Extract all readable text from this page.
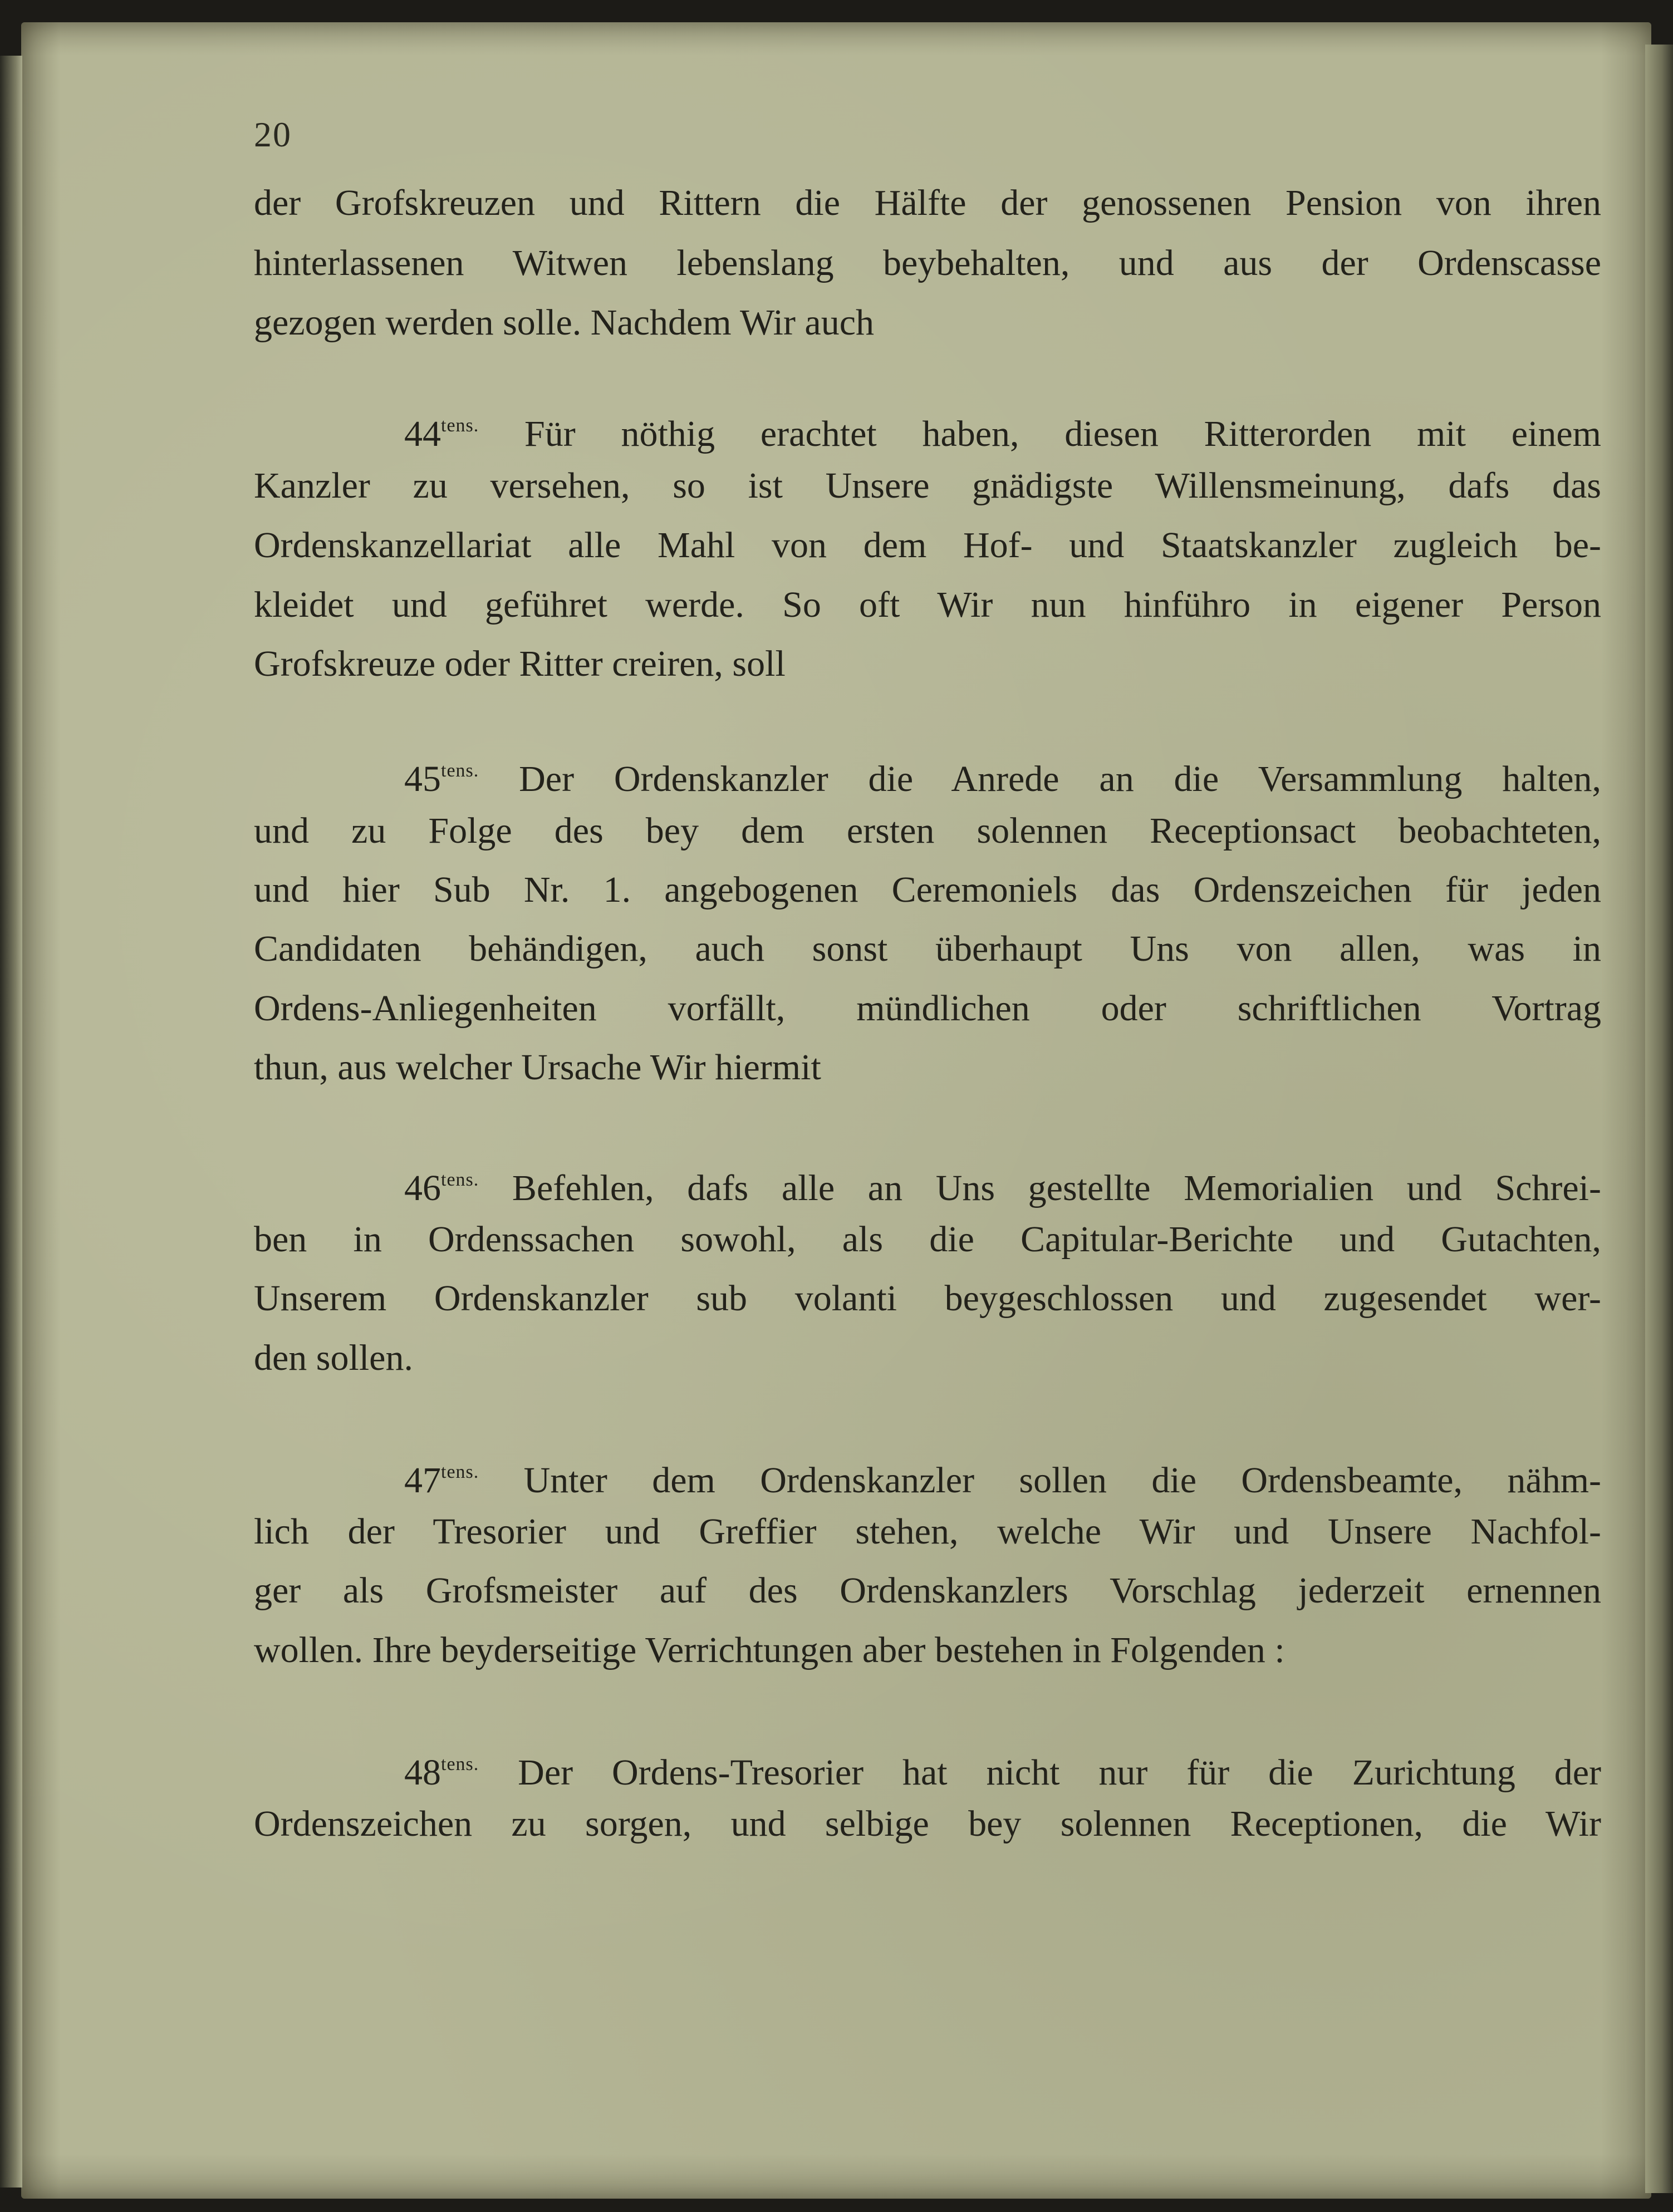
20
der Grofskreuzen und Rittern die Hälfte der genossenen Pension von ihren
hinterlassenen Witwen lebenslang beybehalten, und aus der Ordenscasse
gezogen werden solle. Nachdem Wir auch
$44^{tens.}$ Für nöthig erachtet haben, diesen Ritterorden mit einem
Kanzler zu versehen, so ist Unsere gnädigste Willensmeinung, dafs das
Ordenskanzellariat alle Mahl von dem Hof- und Staatskanzler zugleich be-
kleidet und geführet werde. So oft Wir nun hinführo in eigener Person
Grofskreuze oder Ritter creiren, soll
$45^{tens.}$ Der Ordenskanzler die Anrede an die Versammlung halten,
und zu Folge des bey dem ersten solennen Receptionsact beobachteten,
und hier Sub Nr. 1. angebogenen Ceremoniels das Ordenszeichen für jeden
Candidaten behändigen, auch sonst überhaupt Uns von allen, was in
Ordens-Anliegenheiten vorfällt, mündlichen oder schriftlichen Vortrag
thun, aus welcher Ursache Wir hiermit
$46^{tens.}$ Befehlen, dafs alle an Uns gestellte Memorialien und Schrei-
ben in Ordenssachen sowohl, als die Capitular-Berichte und Gutachten,
Unserem Ordenskanzler sub volanti beygeschlossen und zugesendet wer-
den sollen.
$47^{tens.}$ Unter dem Ordenskanzler sollen die Ordensbeamte, nähm-
lich der Tresorier und Greffier stehen, welche Wir und Unsere Nachfol-
ger als Grofsmeister auf des Ordenskanzlers Vorschlag jederzeit ernennen
wollen. Ihre beyderseitige Verrichtungen aber bestehen in Folgenden :
$48^{tens.}$ Der Ordens-Tresorier hat nicht nur für die Zurichtung der
Ordenszeichen zu sorgen, und selbige bey solennen Receptionen, die Wir
